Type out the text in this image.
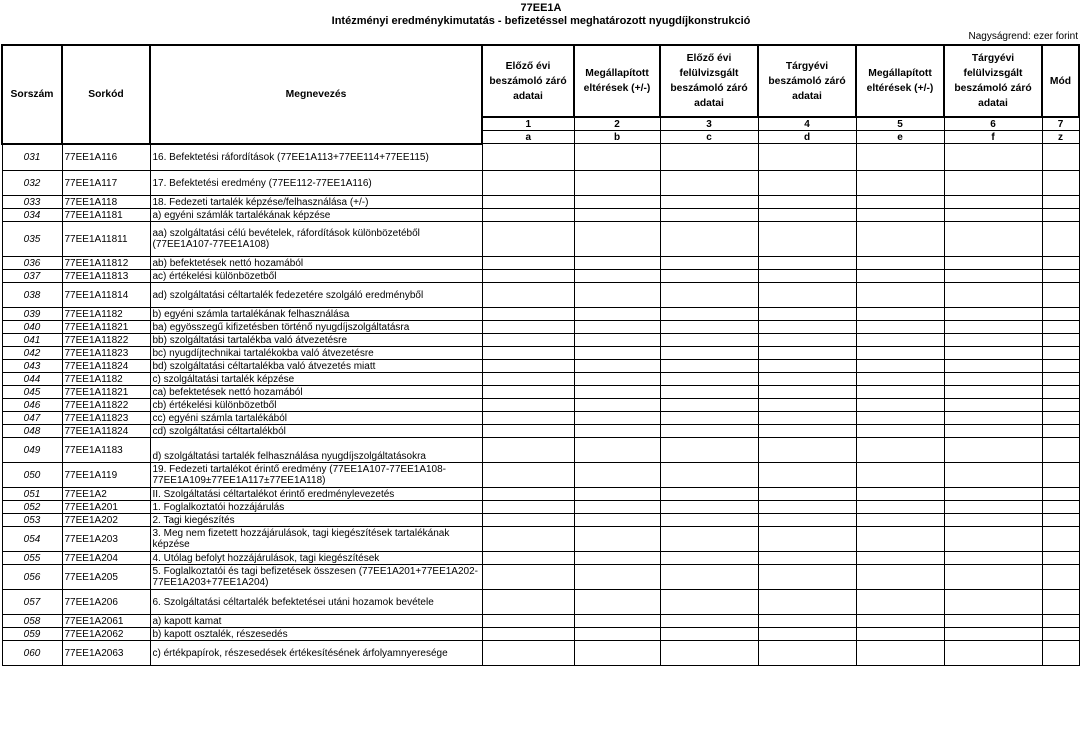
77EE1A
Intézményi eredménykimutatás - befizetéssel meghatározott nyugdíjkonstrukció
Nagyságrend: ezer forint
Sorszám	Sorkód	Megnevezés	Előző évi beszámoló záró adatai	Megállapított eltérések (+/-)	Előző évi felülvizsgált beszámoló záró adatai	Tárgyévi beszámoló záró adatai	Megállapított eltérések (+/-)	Tárgyévi felülvizsgált beszámoló záró adatai	Mód
			1	2	3	4	5	6	7
			a	b	c	d	e	f	z
031	77EE1A116	16. Befektetési ráfordítások (77EE1A113+77EE114+77EE115)							
032	77EE1A117	17. Befektetési eredmény (77EE112-77EE1A116)							
033	77EE1A118	18. Fedezeti tartalék képzése/felhasználása (+/-)							
034	77EE1A1181	a) egyéni számlák tartalékának képzése							
035	77EE1A11811	aa) szolgáltatási célú bevételek, ráfordítások különbözetéből (77EE1A107-77EE1A108)							
036	77EE1A11812	ab) befektetések nettó hozamából							
037	77EE1A11813	ac) értékelési különbözetből							
038	77EE1A11814	ad) szolgáltatási céltartalék fedezetére szolgáló eredményből							
039	77EE1A1182	b) egyéni számla tartalékának felhasználása							
040	77EE1A11821	ba) egyösszegű kifizetésben történő nyugdíjszolgáltatásra							
041	77EE1A11822	bb) szolgáltatási tartalékba való átvezetésre							
042	77EE1A11823	bc) nyugdíjtechnikai tartalékokba való átvezetésre							
043	77EE1A11824	bd) szolgáltatási céltartalékba való átvezetés miatt							
044	77EE1A1182	c) szolgáltatási tartalék képzése							
045	77EE1A11821	ca) befektetések nettó hozamából							
046	77EE1A11822	cb) értékelési különbözetből							
047	77EE1A11823	cc) egyéni számla tartalékából							
048	77EE1A11824	cd) szolgáltatási céltartalékból							
049	77EE1A1183	d) szolgáltatási tartalék felhasználása nyugdíjszolgáltatásokra							
050	77EE1A119	19. Fedezeti tartalékot érintő eredmény (77EE1A107-77EE1A108-77EE1A109±77EE1A117±77EE1A118)							
051	77EE1A2	II. Szolgáltatási céltartalékot érintő eredménylevezetés							
052	77EE1A201	1. Foglalkoztatói hozzájárulás							
053	77EE1A202	2. Tagi kiegészítés							
054	77EE1A203	3. Meg nem fizetett hozzájárulások, tagi kiegészítések tartalékának képzése							
055	77EE1A204	4. Utólag befolyt hozzájárulások, tagi kiegészítések							
056	77EE1A205	5. Foglalkoztatói és tagi befizetések összesen (77EE1A201+77EE1A202-77EE1A203+77EE1A204)							
057	77EE1A206	6. Szolgáltatási céltartalék befektetései utáni hozamok bevétele							
058	77EE1A2061	a) kapott kamat							
059	77EE1A2062	b) kapott osztalék, részesedés							
060	77EE1A2063	c) értékpapírok, részesedések értékesítésének árfolyamnyeresége							
